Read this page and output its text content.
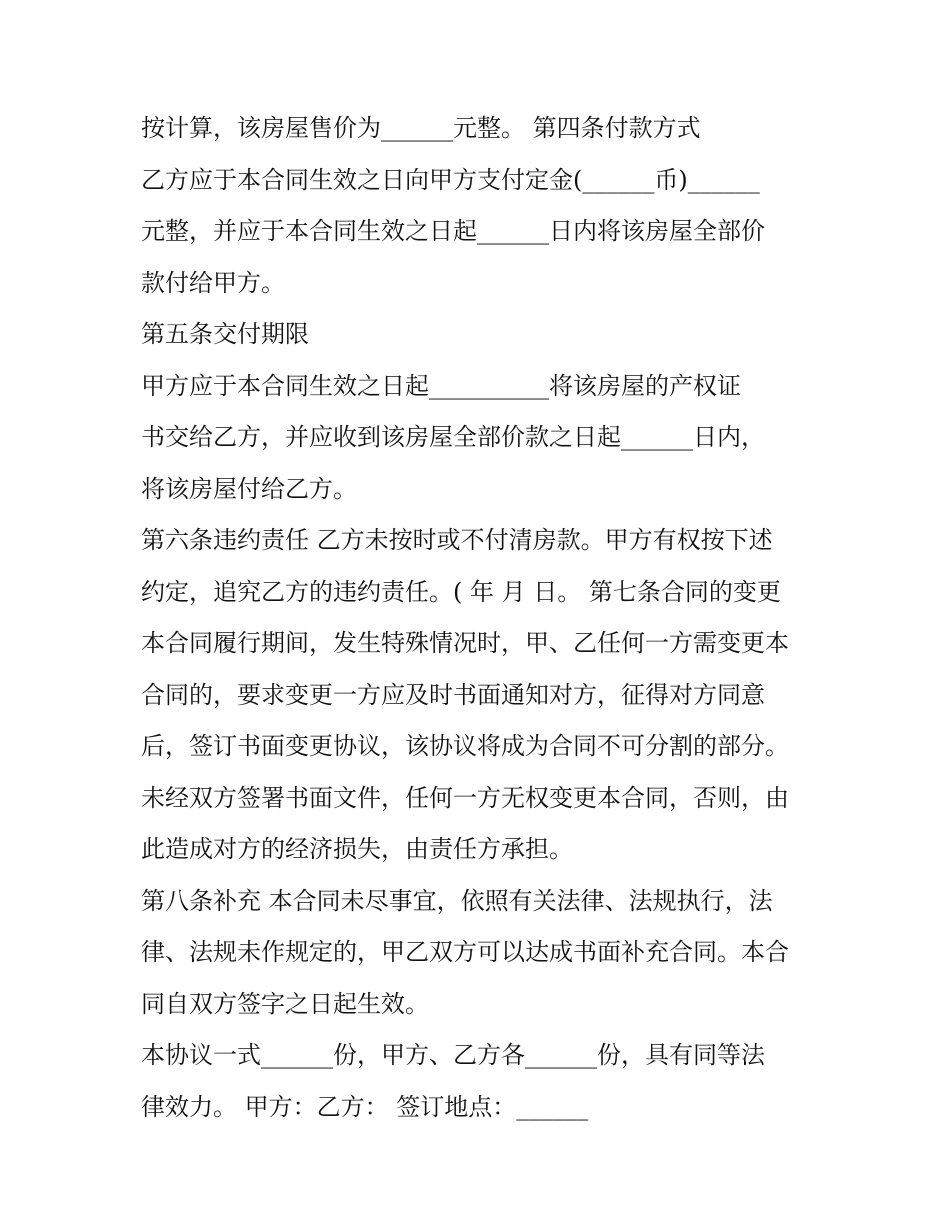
按计算，该房屋售价为______元整。 第四条付款方式
乙方应于本合同生效之日向甲方支付定金(______币)______
元整，并应于本合同生效之日起______日内将该房屋全部价
款付给甲方。
第五条交付期限
甲方应于本合同生效之日起__________将该房屋的产权证
书交给乙方，并应收到该房屋全部价款之日起______日内，
将该房屋付给乙方。
第六条违约责任 乙方未按时或不付清房款。甲方有权按下述
约定，追究乙方的违约责任。( 年 月 日。 第七条合同的变更
本合同履行期间，发生特殊情况时，甲、乙任何一方需变更本
合同的，要求变更一方应及时书面通知对方，征得对方同意
后，签订书面变更协议，该协议将成为合同不可分割的部分。
未经双方签署书面文件，任何一方无权变更本合同，否则，由
此造成对方的经济损失，由责任方承担。
第八条补充 本合同未尽事宜，依照有关法律、法规执行，法
律、法规未作规定的，甲乙双方可以达成书面补充合同。本合
同自双方签字之日起生效。
本协议一式______份，甲方、乙方各______份，具有同等法
律效力。 甲方：乙方： 签订地点：______
